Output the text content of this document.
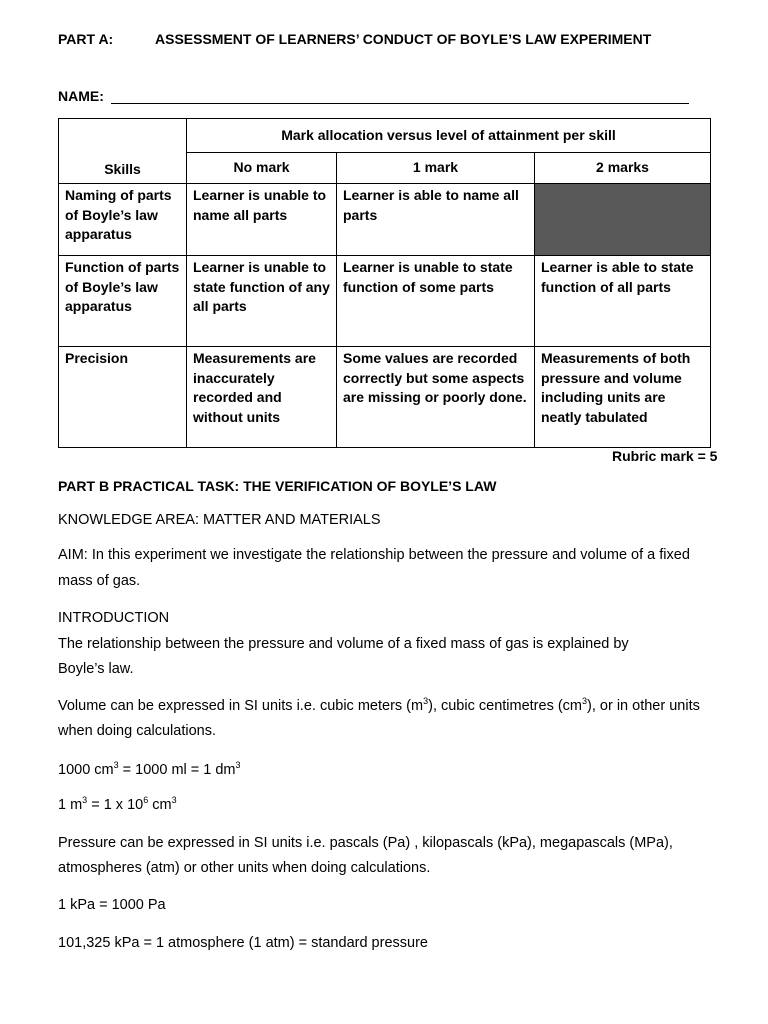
PART A:	ASSESSMENT OF LEARNERS’ CONDUCT OF BOYLE’S LAW EXPERIMENT
NAME:
Skills	Mark allocation versus level of attainment per skill		
	No mark	1 mark	2 marks
Naming of parts of Boyle’s law apparatus	Learner is unable to name all parts	Learner is able to name all parts	
Function of parts of Boyle’s law apparatus	Learner is unable to state function of any all parts	Learner is unable to state function of some parts	Learner is able to state function of all parts
Precision	Measurements are inaccurately recorded and without units	Some values are recorded correctly but some aspects are missing or poorly done.	Measurements of both pressure and volume including units are neatly tabulated
Rubric mark = 5
PART B PRACTICAL TASK: THE VERIFICATION OF BOYLE’S LAW
KNOWLEDGE AREA: MATTER AND MATERIALS
AIM: In this experiment we investigate the relationship between the pressure and volume of a fixed
mass of gas.
INTRODUCTION
The relationship between the pressure and volume of a fixed mass of gas is explained by
Boyle’s law.
Volume can be expressed in SI units i.e. cubic meters $(m^3)$, cubic centimetres $(cm^3)$, or in other units
when doing calculations.
1000 $cm^3 = 1000$ ml = 1 $dm^3$
1 $m^3 = 1$ x $10^6$ $cm^3$
Pressure can be expressed in SI units i.e. pascals (Pa) , kilopascals (kPa), megapascals (MPa),
atmospheres (atm) or other units when doing calculations.
1 kPa = 1000 Pa
101,325 kPa = 1 atmosphere (1 atm) = standard pressure
